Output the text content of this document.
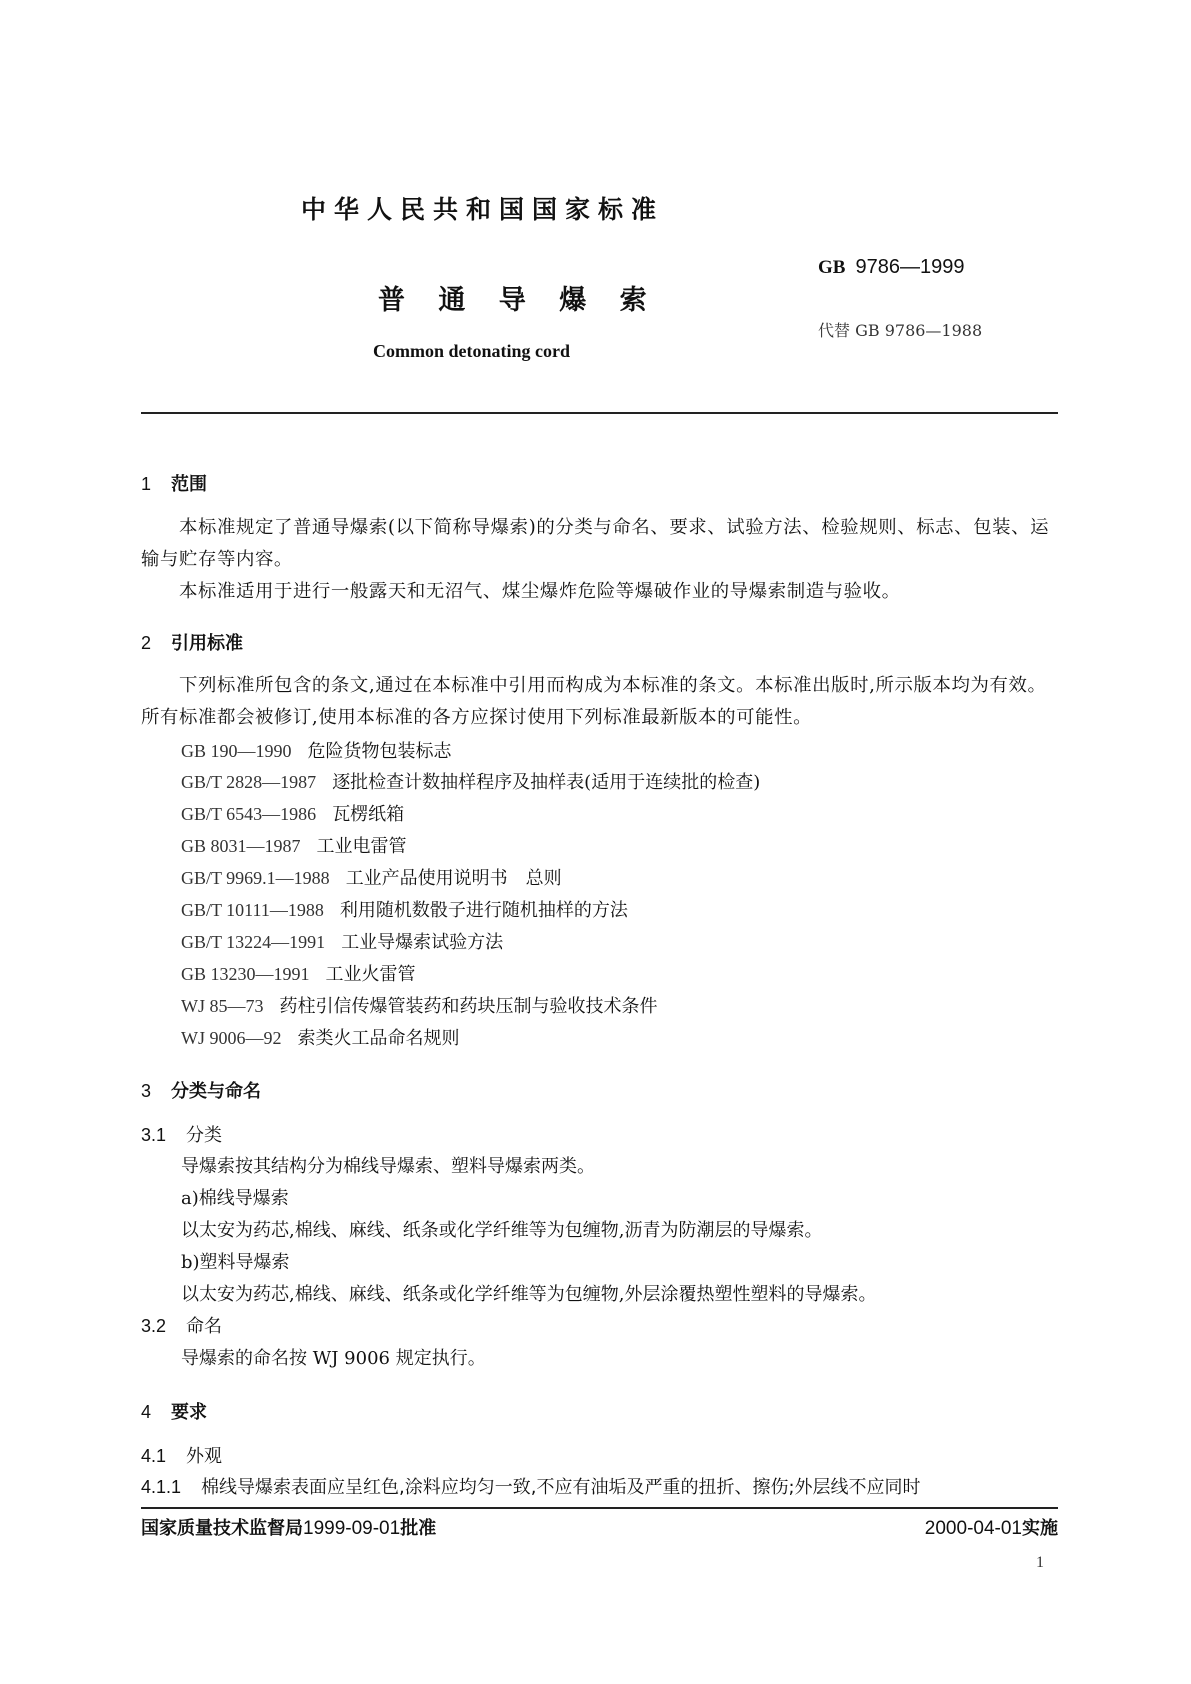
中华人民共和国国家标准
GB 9786—1999
普 通 导 爆 索
代替 GB 9786—1988
Common detonating cord
1 范围
本标准规定了普通导爆索(以下简称导爆索)的分类与命名、要求、试验方法、检验规则、标志、包装、运输与贮存等内容。
本标准适用于进行一般露天和无沼气、煤尘爆炸危险等爆破作业的导爆索制造与验收。
2 引用标准
下列标准所包含的条文,通过在本标准中引用而构成为本标准的条文。本标准出版时,所示版本均为有效。所有标准都会被修订,使用本标准的各方应探讨使用下列标准最新版本的可能性。
GB 190—1990 危险货物包装标志
GB/T 2828—1987 逐批检查计数抽样程序及抽样表(适用于连续批的检查)
GB/T 6543—1986 瓦楞纸箱
GB 8031—1987 工业电雷管
GB/T 9969.1—1988 工业产品使用说明书　总则
GB/T 10111—1988 利用随机数骰子进行随机抽样的方法
GB/T 13224—1991 工业导爆索试验方法
GB 13230—1991 工业火雷管
WJ 85—73 药柱引信传爆管装药和药块压制与验收技术条件
WJ 9006—92 索类火工品命名规则
3 分类与命名
3.1 分类
导爆索按其结构分为棉线导爆索、塑料导爆索两类。
a)棉线导爆索
以太安为药芯,棉线、麻线、纸条或化学纤维等为包缠物,沥青为防潮层的导爆索。
b)塑料导爆索
以太安为药芯,棉线、麻线、纸条或化学纤维等为包缠物,外层涂覆热塑性塑料的导爆索。
3.2 命名
导爆索的命名按 WJ 9006 规定执行。
4 要求
4.1 外观
4.1.1 棉线导爆索表面应呈红色,涂料应均匀一致,不应有油垢及严重的扭折、擦伤;外层线不应同时
国家质量技术监督局1999-09-01批准	2000-04-01实施
1
